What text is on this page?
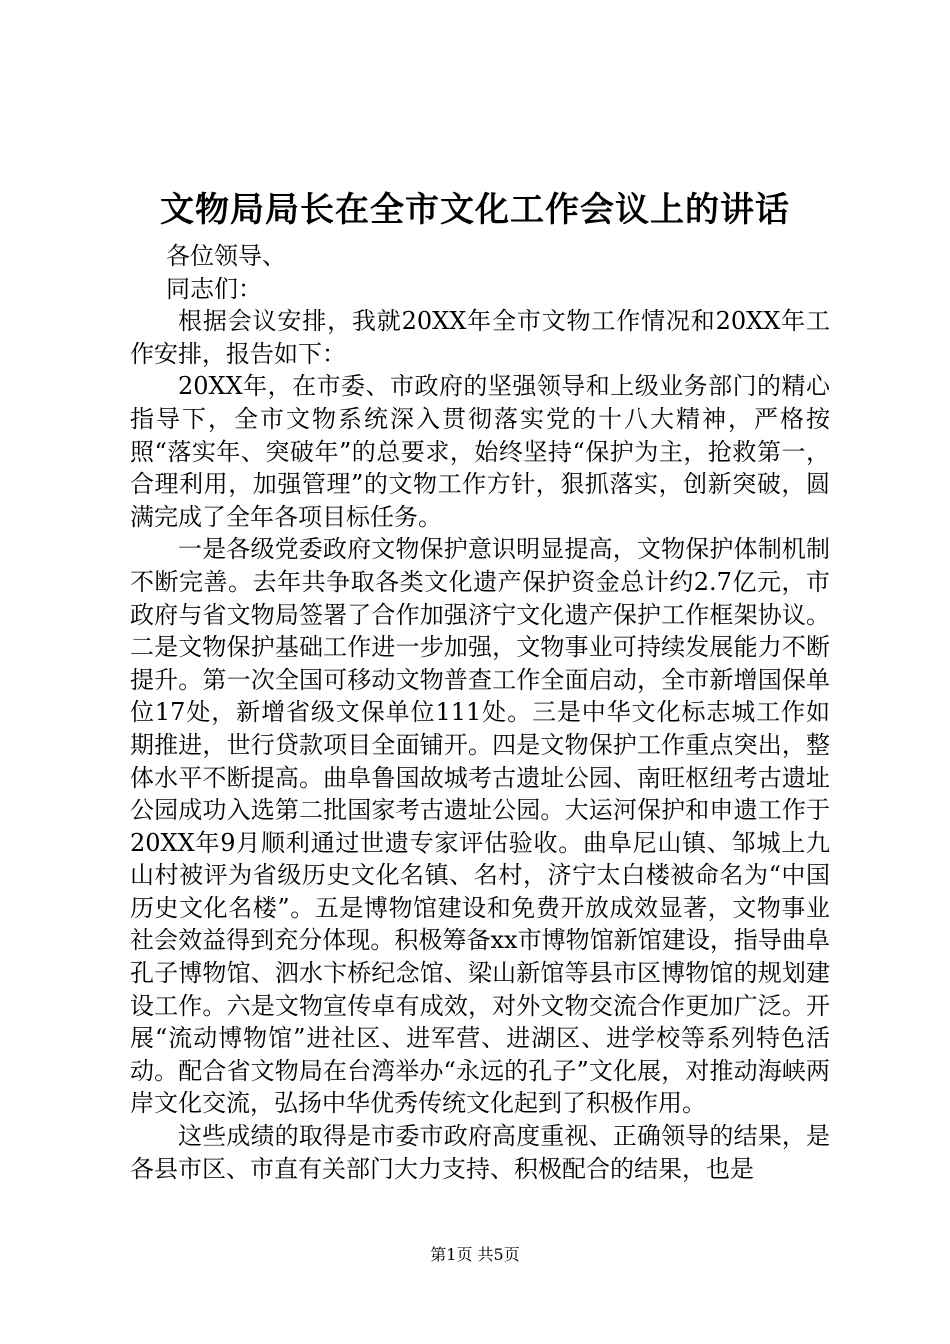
文物局局长在全市文化工作会议上的讲话

各位领导、

同志们：

根据会议安排，我就20XX年全市文物工作情况和20XX年工作安排，报告如下：

20XX年，在市委、市政府的坚强领导和上级业务部门的精心指导下，全市文物系统深入贯彻落实党的十八大精神，严格按照“落实年、突破年”的总要求，始终坚持“保护为主，抢救第一，合理利用，加强管理”的文物工作方针，狠抓落实，创新突破，圆满完成了全年各项目标任务。

一是各级党委政府文物保护意识明显提高，文物保护体制机制不断完善。去年共争取各类文化遗产保护资金总计约2.7亿元，市政府与省文物局签署了合作加强济宁文化遗产保护工作框架协议。二是文物保护基础工作进一步加强，文物事业可持续发展能力不断提升。第一次全国可移动文物普查工作全面启动，全市新增国保单位17处，新增省级文保单位111处。三是中华文化标志城工作如期推进，世行贷款项目全面铺开。四是文物保护工作重点突出，整体水平不断提高。曲阜鲁国故城考古遗址公园、南旺枢纽考古遗址公园成功入选第二批国家考古遗址公园。大运河保护和申遗工作于20XX年9月顺利通过世遗专家评估验收。曲阜尼山镇、邹城上九山村被评为省级历史文化名镇、名村，济宁太白楼被命名为“中国历史文化名楼”。五是博物馆建设和免费开放成效显著，文物事业社会效益得到充分体现。积极筹备xx市博物馆新馆建设，指导曲阜孔子博物馆、泗水卞桥纪念馆、梁山新馆等县市区博物馆的规划建设工作。六是文物宣传卓有成效，对外文物交流合作更加广泛。开展“流动博物馆”进社区、进军营、进湖区、进学校等系列特色活动。配合省文物局在台湾举办“永远的孔子”文化展，对推动海峡两岸文化交流，弘扬中华优秀传统文化起到了积极作用。

这些成绩的取得是市委市政府高度重视、正确领导的结果，是各县市区、市直有关部门大力支持、积极配合的结果，也是

第1页 共5页
